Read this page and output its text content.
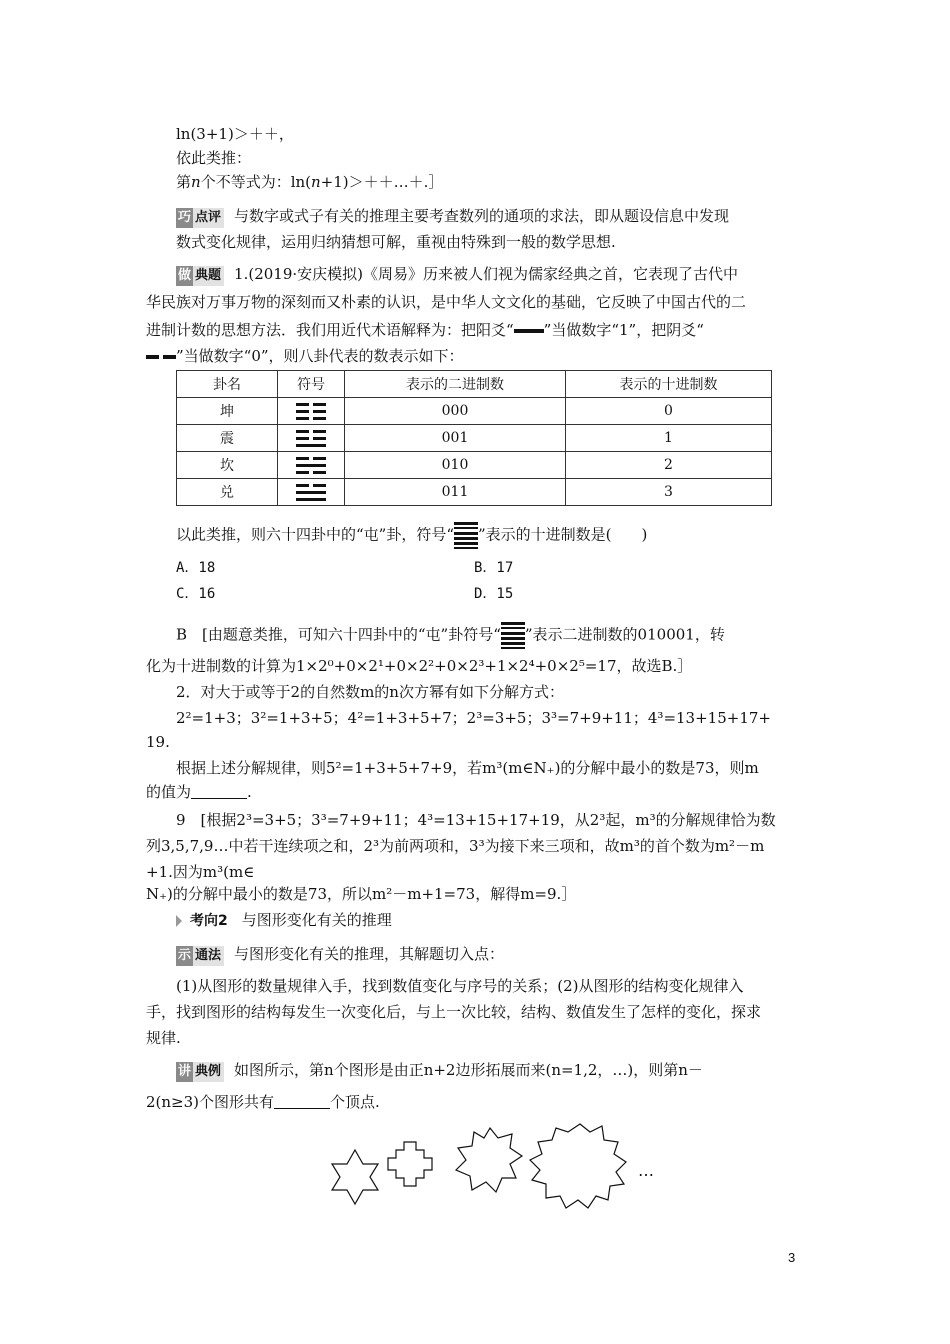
ln(3+1)＞＋＋，
依此类推：
第n个不等式为：ln(n+1)＞＋＋…＋.］
巧 点评 与数字或式子有关的推理主要考查数列的通项的求法，即从题设信息中发现
数式变化规律，运用归纳猜想可解，重视由特殊到一般的数学思想.
做 典题 1.(2019·安庆模拟)《周易》历来被人们视为儒家经典之首，它表现了古代中
华民族对万事万物的深刻而又朴素的认识，是中华人文文化的基础，它反映了中国古代的二
进制计数的思想方法．我们用近代术语解释为：把阳爻“ ”当做数字“1”，把阴爻“
”当做数字“0”，则八卦代表的数表示如下：
卦名	符号	表示的二进制数	表示的十进制数
坤		000	0
震		001	1
坎		010	2
兑		011	3
以此类推，则六十四卦中的“屯”卦，符号“ ”表示的十进制数是(　　)
A．18	B．17
C．16	D．15
B　[由题意类推，可知六十四卦中的“屯”卦符号“ ”表示二进制数的010001，转
化为十进制数的计算为1×2⁰+0×2¹+0×2²+0×2³+1×2⁴+0×2⁵=17，故选B.］
2．对大于或等于2的自然数m的n次方幂有如下分解方式：
2²=1+3；3²=1+3+5；4²=1+3+5+7；2³=3+5；3³=7+9+11；4³=13+15+17+
19.
根据上述分解规律，则5²=1+3+5+7+9，若m³(m∈N₊)的分解中最小的数是73，则m
的值为	.
9　[根据2³=3+5；3³=7+9+11；4³=13+15+17+19，从2³起，m³的分解规律恰为数
列3,5,7,9…中若干连续项之和，2³为前两项和，3³为接下来三项和，故m³的首个数为m²－m
+1.因为m³(m∈
N₊)的分解中最小的数是73，所以m²－m+1=73，解得m=9.］
考向2 与图形变化有关的推理
示 通法 与图形变化有关的推理，其解题切入点：
(1)从图形的数量规律入手，找到数值变化与序号的关系；(2)从图形的结构变化规律入
手，找到图形的结构每发生一次变化后，与上一次比较，结构、数值发生了怎样的变化，探求
规律.
讲 典例 如图所示，第n个图形是由正n+2边形拓展而来(n=1,2，…)，则第n－
2(n≥3)个图形共有	个顶点.
…
3
